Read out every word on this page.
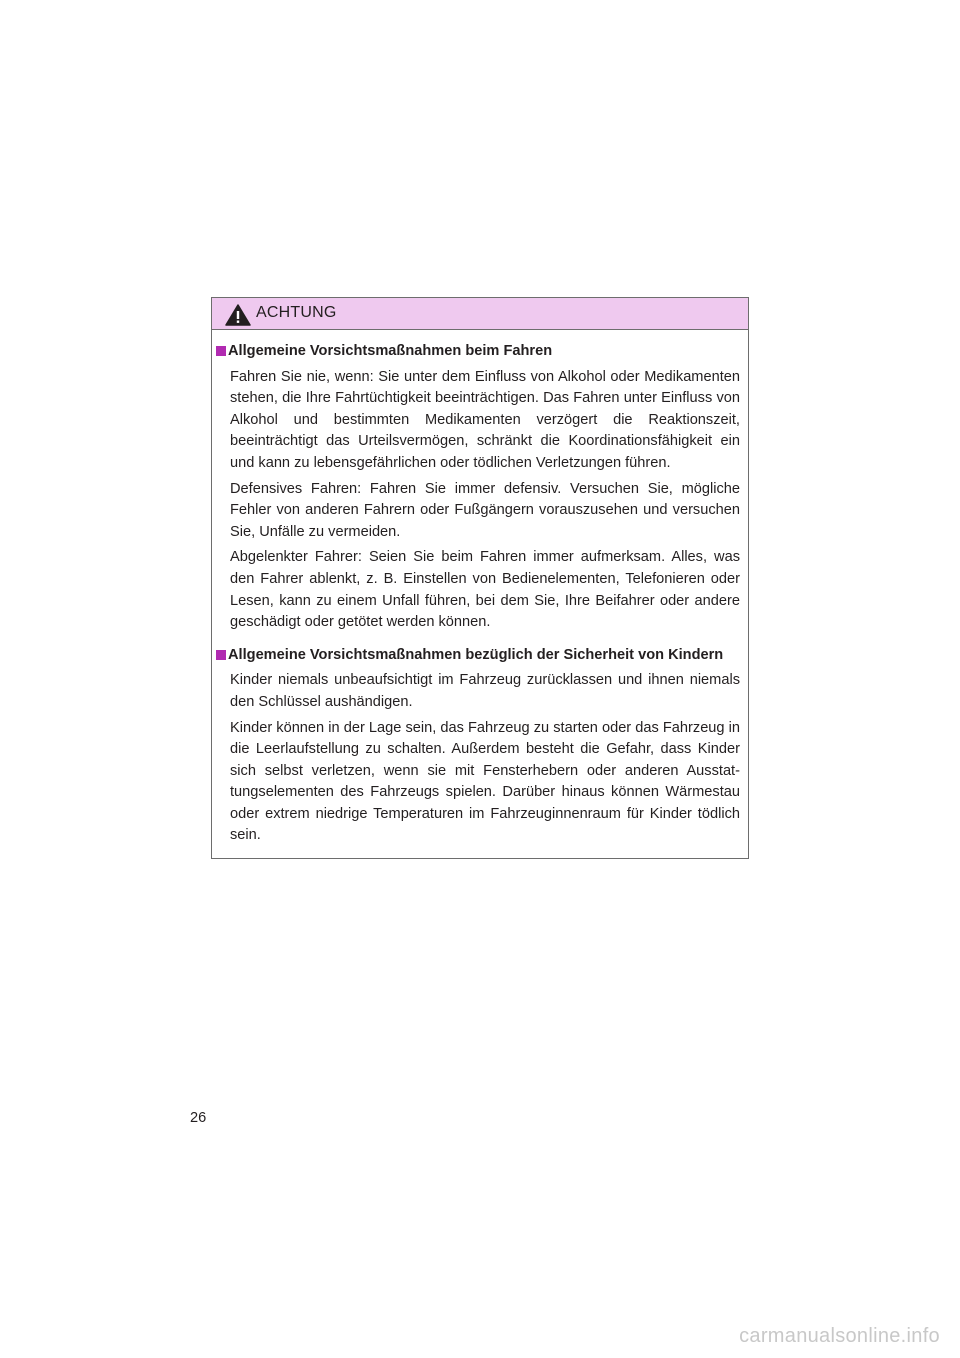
ACHTUNG
Allgemeine Vorsichtsmaßnahmen beim Fahren

Fahren Sie nie, wenn: Sie unter dem Einfluss von Alkohol oder Medikamenten stehen, die Ihre Fahrtüchtigkeit beeinträchtigen. Das Fahren unter Einfluss von Alkohol und bestimmten Medikamenten verzögert die Reaktionszeit, beeinträchtigt das Urteilsvermögen, schränkt die Koordinationsfähigkeit ein und kann zu lebensgefährlichen oder tödlichen Verletzungen führen.

Defensives Fahren: Fahren Sie immer defensiv. Versuchen Sie, mögliche Fehler von anderen Fahrern oder Fußgängern vorauszusehen und versuchen Sie, Unfälle zu vermeiden.

Abgelenkter Fahrer: Seien Sie beim Fahren immer aufmerksam. Alles, was den Fahrer ablenkt, z. B. Einstellen von Bedienelementen, Telefonieren oder Lesen, kann zu einem Unfall führen, bei dem Sie, Ihre Beifahrer oder andere geschädigt oder getötet werden können.

Allgemeine Vorsichtsmaßnahmen bezüglich der Sicherheit von Kindern

Kinder niemals unbeaufsichtigt im Fahrzeug zurücklassen und ihnen niemals den Schlüssel aushändigen.

Kinder können in der Lage sein, das Fahrzeug zu starten oder das Fahrzeug in die Leerlaufstellung zu schalten. Außerdem besteht die Gefahr, dass Kinder sich selbst verletzen, wenn sie mit Fensterhebern oder anderen Ausstattungselementen des Fahrzeugs spielen. Darüber hinaus können Wärmestau oder extrem niedrige Temperaturen im Fahrzeuginnenraum für Kinder tödlich sein.

26
carmanualsonline.info
